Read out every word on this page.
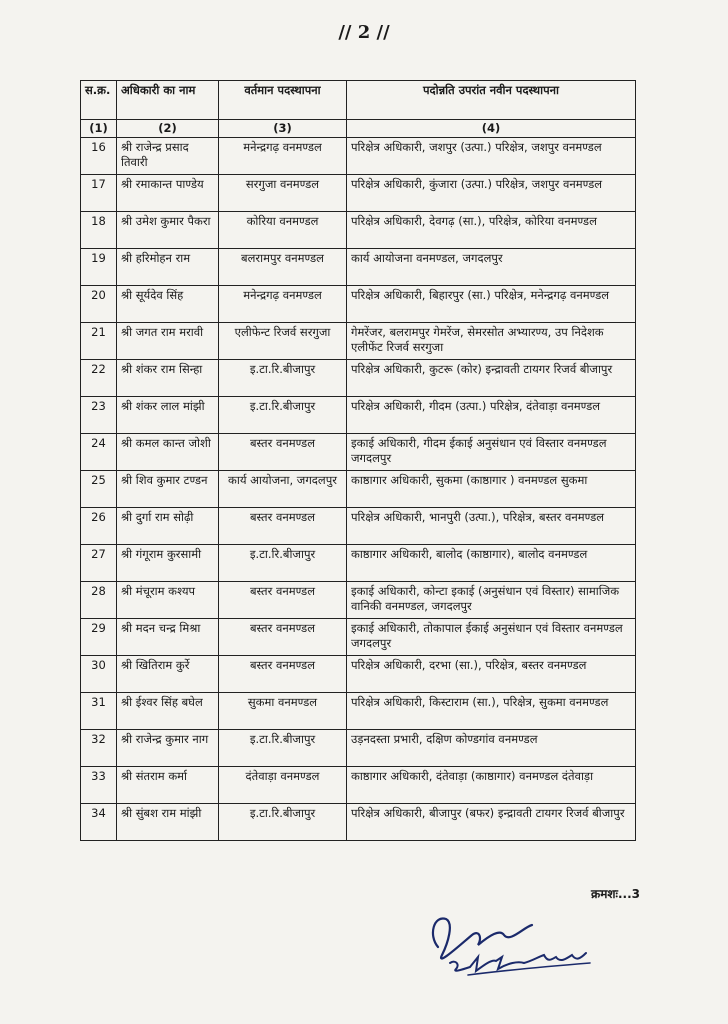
// 2 //
स.क्र.	अधिकारी का नाम	वर्तमान पदस्थापना	पदोन्नति उपरांत नवीन पदस्थापना
(1)	(2)	(3)	(4)
16	श्री राजेन्द्र प्रसाद तिवारी	मनेन्द्रगढ़ वनमण्डल	परिक्षेत्र अधिकारी, जशपुर (उत्पा.) परिक्षेत्र, जशपुर वनमण्डल
17	श्री रमाकान्त पाण्डेय	सरगुजा वनमण्डल	परिक्षेत्र अधिकारी, कुंजारा (उत्पा.) परिक्षेत्र, जशपुर वनमण्डल
18	श्री उमेश कुमार पैकरा	कोरिया वनमण्डल	परिक्षेत्र अधिकारी, देवगढ़ (सा.), परिक्षेत्र, कोरिया वनमण्डल
19	श्री हरिमोहन राम	बलरामपुर वनमण्डल	कार्य आयोजना वनमण्डल, जगदलपुर
20	श्री सूर्यदेव सिंह	मनेन्द्रगढ़ वनमण्डल	परिक्षेत्र अधिकारी, बिहारपुर (सा.) परिक्षेत्र, मनेन्द्रगढ़ वनमण्डल
21	श्री जगत राम मरावी	एलीफेन्ट रिजर्व सरगुजा	गेमरेंजर, बलरामपुर गेमरेंज, सेमरसोत अभ्यारण्य, उप निदेशक एलीफेंट रिजर्व सरगुजा
22	श्री शंकर राम सिन्हा	इ.टा.रि.बीजापुर	परिक्षेत्र अधिकारी, कुटरू (कोर) इन्द्रावती टायगर रिजर्व बीजापुर
23	श्री शंकर लाल मांझी	इ.टा.रि.बीजापुर	परिक्षेत्र अधिकारी, गीदम (उत्पा.) परिक्षेत्र, दंतेवाड़ा वनमण्डल
24	श्री कमल कान्त जोशी	बस्तर वनमण्डल	इकाई अधिकारी, गीदम ईकाई अनुसंधान एवं विस्तार वनमण्डल जगदलपुर
25	श्री शिव कुमार टण्डन	कार्य आयोजना, जगदलपुर	काष्ठागार अधिकारी, सुकमा (काष्ठागार ) वनमण्डल सुकमा
26	श्री दुर्गा राम सोढ़ी	बस्तर वनमण्डल	परिक्षेत्र अधिकारी, भानपुरी (उत्पा.), परिक्षेत्र, बस्तर वनमण्डल
27	श्री गंगूराम कुरसामी	इ.टा.रि.बीजापुर	काष्ठागार अधिकारी, बालोद (काष्ठागार), बालोद वनमण्डल
28	श्री मंचूराम कश्यप	बस्तर वनमण्डल	इकाई अधिकारी, कोन्टा इकाई (अनुसंधान एवं विस्तार) सामाजिक वानिकी वनमण्डल, जगदलपुर
29	श्री मदन चन्द्र मिश्रा	बस्तर वनमण्डल	इकाई अधिकारी, तोकापाल ईकाई अनुसंधान एवं विस्तार वनमण्डल जगदलपुर
30	श्री खितिराम कुर्रे	बस्तर वनमण्डल	परिक्षेत्र अधिकारी, दरभा (सा.), परिक्षेत्र, बस्तर वनमण्डल
31	श्री ईश्वर सिंह बघेल	सुकमा वनमण्डल	परिक्षेत्र अधिकारी, किस्टाराम (सा.), परिक्षेत्र, सुकमा वनमण्डल
32	श्री राजेन्द्र कुमार नाग	इ.टा.रि.बीजापुर	उड़नदस्ता प्रभारी, दक्षिण कोण्डगांव वनमण्डल
33	श्री संतराम कर्मा	दंतेवाड़ा वनमण्डल	काष्ठागार अधिकारी, दंतेवाड़ा (काष्ठागार) वनमण्डल दंतेवाड़ा
34	श्री सुंबश राम मांझी	इ.टा.रि.बीजापुर	परिक्षेत्र अधिकारी, बीजापुर (बफर) इन्द्रावती टायगर रिजर्व बीजापुर
क्रमशः...3
